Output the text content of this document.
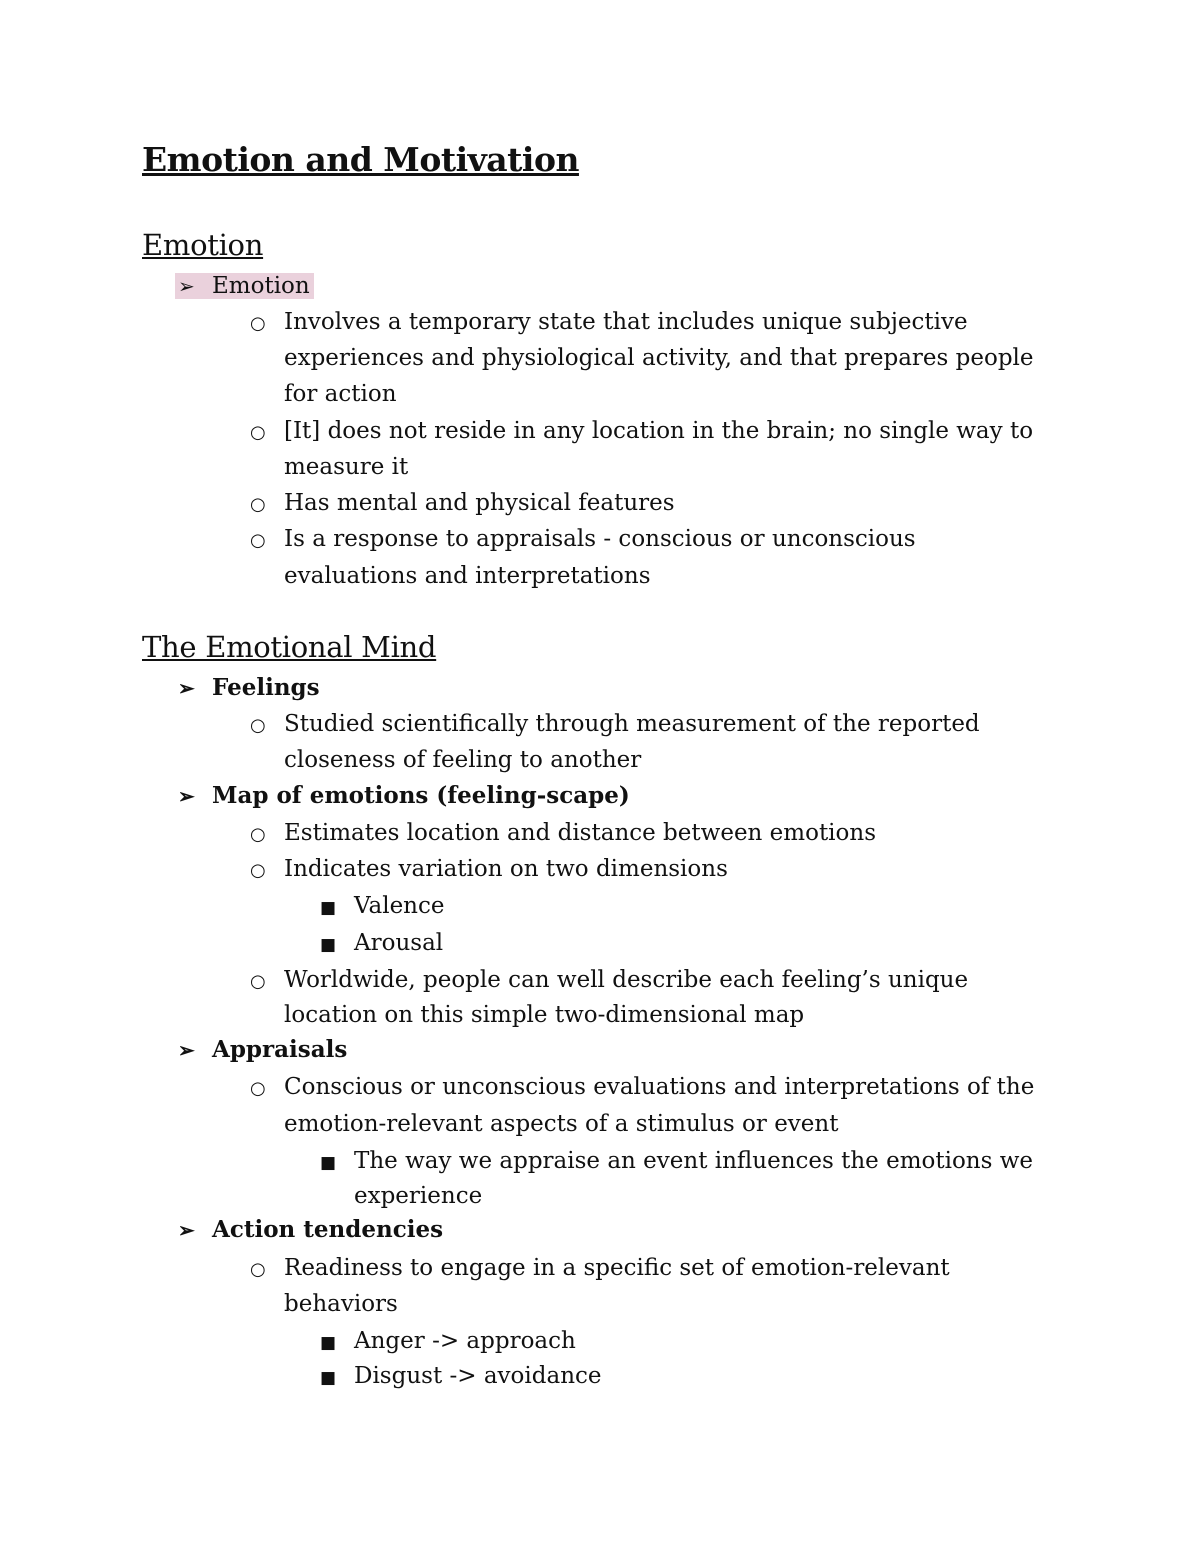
Emotion and Motivation
Emotion
➢ Emotion
○ Involves a temporary state that includes unique subjective
experiences and physiological activity, and that prepares people
for action
○ [It] does not reside in any location in the brain; no single way to
measure it
○ Has mental and physical features
○ Is a response to appraisals - conscious or unconscious
evaluations and interpretations
The Emotional Mind
➢ Feelings
○ Studied scientifically through measurement of the reported
closeness of feeling to another
➢ Map of emotions (feeling-scape)
○ Estimates location and distance between emotions
○ Indicates variation on two dimensions
■ Valence
■ Arousal
○ Worldwide, people can well describe each feeling’s unique
location on this simple two-dimensional map
➢ Appraisals
○ Conscious or unconscious evaluations and interpretations of the
emotion-relevant aspects of a stimulus or event
■ The way we appraise an event influences the emotions we
experience
➢ Action tendencies
○ Readiness to engage in a specific set of emotion-relevant
behaviors
■ Anger -> approach
■ Disgust -> avoidance
